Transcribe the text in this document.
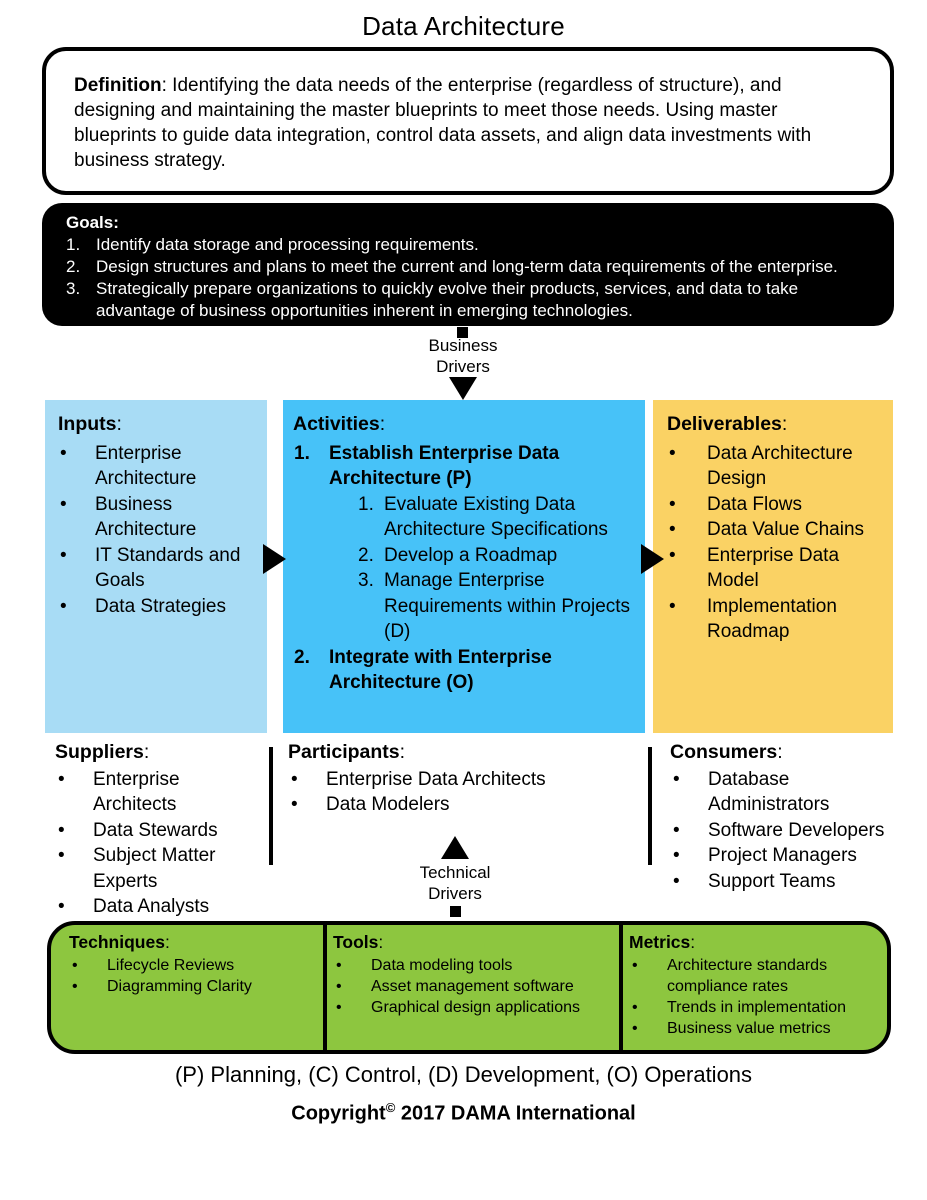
Data Architecture

Definition: Identifying the data needs of the enterprise (regardless of structure), and designing and maintaining the master blueprints to meet those needs. Using master blueprints to guide data integration, control data assets, and align data investments with business strategy.

Goals:
1. Identify data storage and processing requirements.
2. Design structures and plans to meet the current and long-term data requirements of the enterprise.
3. Strategically prepare organizations to quickly evolve their products, services, and data to take advantage of business opportunities inherent in emerging technologies.
Business
Drivers
Inputs:
•	Enterprise Architecture
•	Business Architecture
•	IT Standards and Goals
•	Data Strategies
Activities:
1.	Establish Enterprise Data Architecture (P)
1. Evaluate Existing Data Architecture Specifications
2. Develop a Roadmap
3. Manage Enterprise Requirements within Projects (D)
2.	Integrate with Enterprise Architecture (O)
Deliverables:
•	Data Architecture Design
•	Data Flows
•	Data Value Chains
•	Enterprise Data Model
•	Implementation Roadmap
Suppliers:
•	Enterprise Architects
•	Data Stewards
•	Subject Matter Experts
•	Data Analysts
Participants:
•	Enterprise Data Architects
•	Data Modelers
Consumers:
•	Database Administrators
•	Software Developers
•	Project Managers
•	Support Teams
Technical
Drivers
Techniques:
•	Lifecycle Reviews
•	Diagramming Clarity
Tools:
•	Data modeling tools
•	Asset management software
•	Graphical design applications
Metrics:
•	Architecture standards compliance rates
•	Trends in implementation
•	Business value metrics
(P) Planning, (C) Control, (D) Development, (O) Operations
Copyright© 2017 DAMA International
